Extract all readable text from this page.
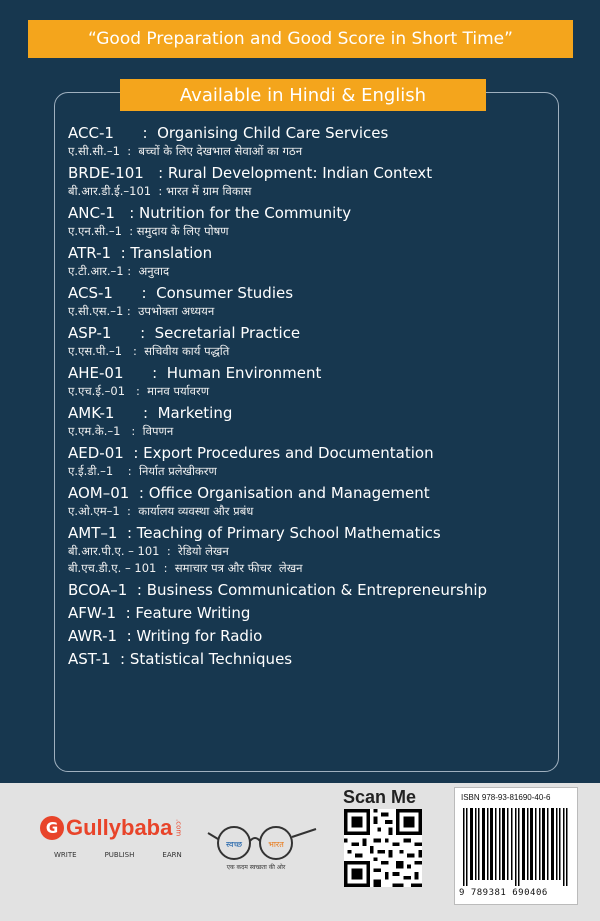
“Good Preparation and Good Score in Short Time”
Available in Hindi & English
ACC-1      :  Organising Child Care Services
ए.सी.सी.–1  :  बच्चों के लिए देखभाल सेवाओं का गठन
BRDE-101   : Rural Development: Indian Context
बी.आर.डी.ई.–101  : भारत में ग्राम विकास
ANC-1   : Nutrition for the Community
ए.एन.सी.–1  : समुदाय के लिए पोषण
ATR-1  : Translation
ए.टी.आर.–1 :  अनुवाद
ACS-1      :  Consumer Studies
ए.सी.एस.–1 :  उपभोक्ता अध्ययन
ASP-1      :  Secretarial Practice
ए.एस.पी.–1   :  सचिवीय कार्य पद्धति
AHE-01      :  Human Environment
ए.एच.ई.–01   :  मानव पर्यावरण
AMK-1      :  Marketing
ए.एम.के.–1   :  विपणन
AED-01  : Export Procedures and Documentation
ए.ई.डी.–1    :  निर्यात प्रलेखीकरण
AOM–01  : Office Organisation and Management
ए.ओ.एम–1  :  कार्यालय व्यवस्था और प्रबंध
AMT–1  : Teaching of Primary School Mathematics
बी.आर.पी.ए. – 101  :  रेडियो लेखन
बी.एच.डी.ए. – 101  :  समाचार पत्र और फीचर  लेखन
BCOA–1  : Business Communication & Entrepreneurship
AFW-1  : Feature Writing
AWR-1  : Writing for Radio
AST-1  : Statistical Techniques
G Gullybaba .com
WRITE	PUBLISH	EARN
स्वच्छ	भारत
एक कदम स्वच्छता की ओर
Scan Me	ISBN 978-93-81690-40-6
9 789381 690406
